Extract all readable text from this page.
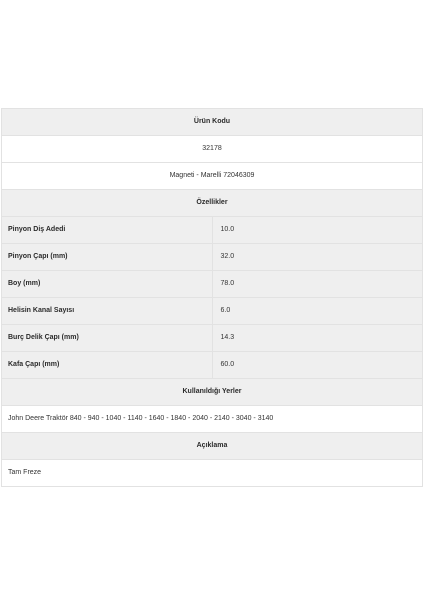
Ürün Kodu	
32178	
Magneti - Marelli 72046309	
Özellikler	
Pinyon Diş Adedi	10.0
Pinyon Çapı (mm)	32.0
Boy (mm)	78.0
Helisin Kanal Sayısı	6.0
Burç Delik Çapı (mm)	14.3
Kafa Çapı (mm)	60.0
Kullanıldığı Yerler	
John Deere Traktör 840 - 940 - 1040 - 1140 - 1640 - 1840 - 2040 - 2140 - 3040 - 3140	
Açıklama	
Tam Freze	
